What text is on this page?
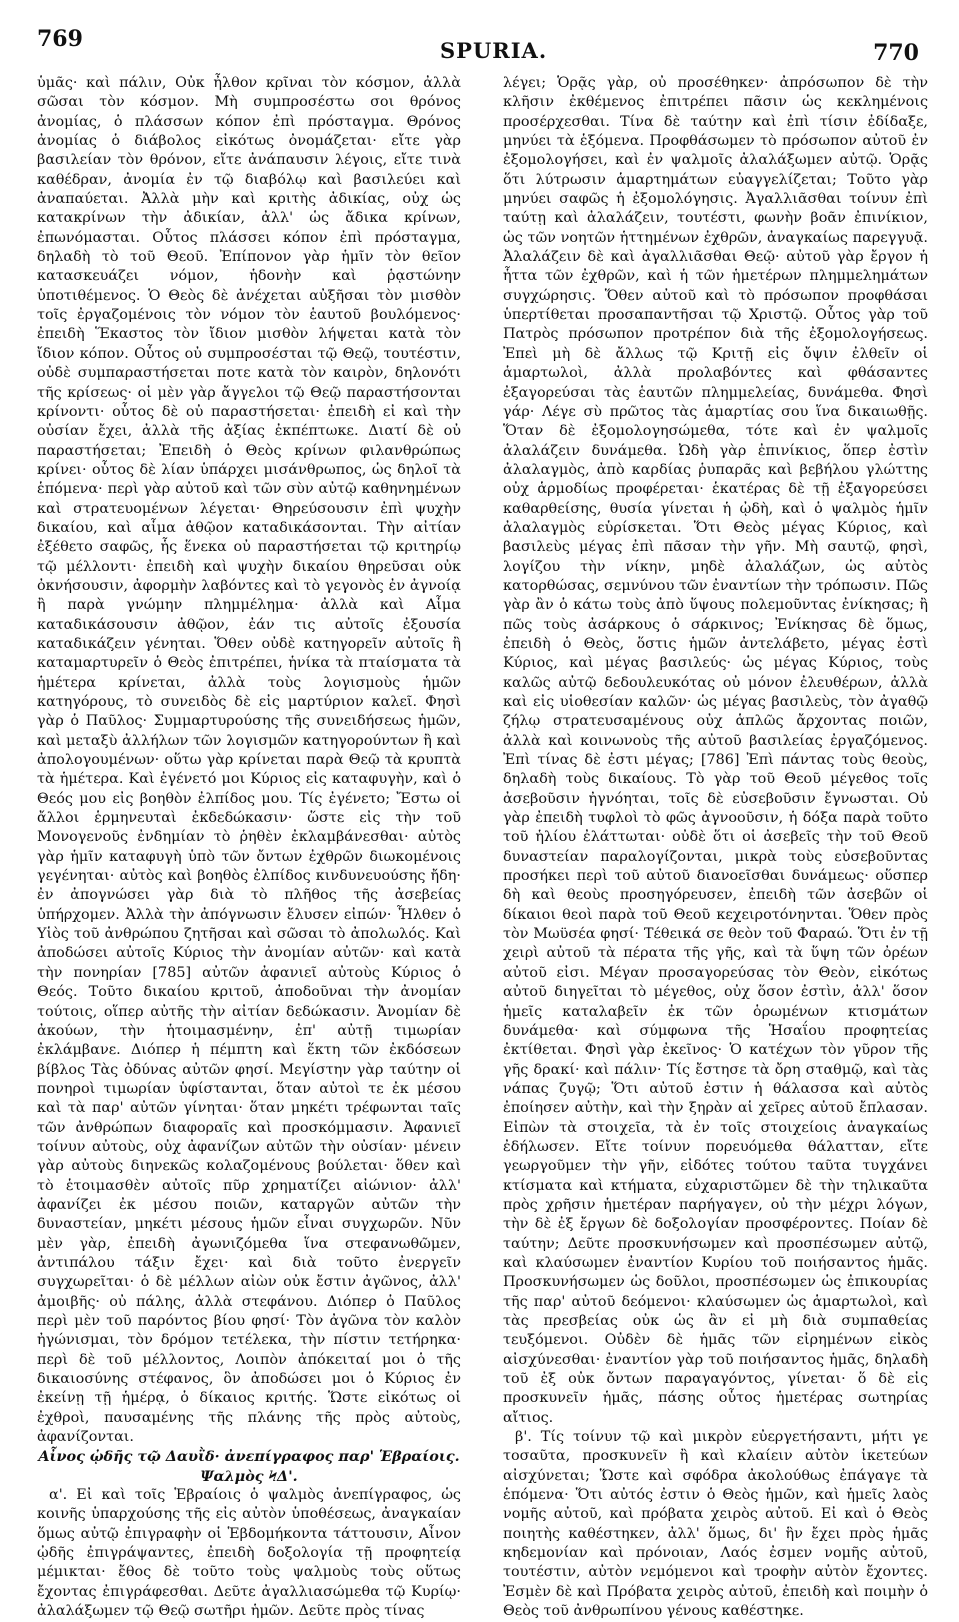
769	SPURIA.	770

ὑμᾶς· καὶ πάλιν, Οὐκ ἦλθον κρῖναι τὸν κόσμον, ἀλλὰ σῶσαι τὸν κόσμον. Μὴ συμπροσέστω σοι θρόνος ἀνομίας, ὁ πλάσσων κόπον ἐπὶ πρόσταγμα. Θρόνος ἀνομίας ὁ διάβολος εἰκότως ὀνομάζεται· εἴτε γὰρ βασιλείαν τὸν θρόνον, εἴτε ἀνάπαυσιν λέγοις, εἴτε τινὰ καθέδραν, ἀνομία ἐν τῷ διαβόλῳ καὶ βασιλεύει καὶ ἀναπαύεται. Ἀλλὰ μὴν καὶ κριτὴς ἀδικίας, οὐχ ὡς κατακρίνων τὴν ἀδικίαν, ἀλλ' ὡς ἄδικα κρίνων, ἐπωνόμασται. Οὗτος πλάσσει κόπον ἐπὶ πρόσταγμα, δηλαδὴ τὸ τοῦ Θεοῦ. Ἐπίπονον γὰρ ἡμῖν τὸν θεῖον κατασκευάζει νόμον, ἡδονὴν καὶ ῥᾳστώνην ὑποτιθέμενος. Ὁ Θεὸς δὲ ἀνέχεται αὐξῆσαι τὸν μισθὸν τοῖς ἐργαζομένοις τὸν νόμον τὸν ἑαυτοῦ βουλόμενος· ἐπειδὴ Ἕκαστος τὸν ἴδιον μισθὸν λήψεται κατὰ τὸν ἴδιον κόπον. Οὗτος οὐ συμπροσέσται τῷ Θεῷ, τουτέστιν, οὐδὲ συμπαραστήσεται ποτε κατὰ τὸν καιρὸν, δηλονότι τῆς κρίσεως· οἱ μὲν γὰρ ἄγγελοι τῷ Θεῷ παραστήσονται κρίνοντι· οὗτος δὲ οὐ παραστήσεται· ἐπειδὴ εἰ καὶ τὴν οὐσίαν ἔχει, ἀλλὰ τῆς ἀξίας ἐκπέπτωκε. Διατί δὲ οὐ παραστήσεται; Ἐπειδὴ ὁ Θεὸς κρίνων φιλανθρώπως κρίνει· οὗτος δὲ λίαν ὑπάρχει μισάνθρωπος, ὡς δηλοῖ τὰ ἑπόμενα· περὶ γὰρ αὐτοῦ καὶ τῶν σὺν αὐτῷ καθηνημένων καὶ στρατευομένων λέγεται· Θηρεύσουσιν ἐπὶ ψυχὴν δικαίου, καὶ αἷμα ἀθῷον καταδικάσονται. Τὴν αἰτίαν ἐξέθετο σαφῶς, ἧς ἕνεκα οὐ παραστήσεται τῷ κριτηρίῳ τῷ μέλλοντι· ἐπειδὴ καὶ ψυχὴν δικαίου θηρεῦσαι οὐκ ὀκνήσουσιν, ἀφορμὴν λαβόντες καὶ τὸ γεγονὸς ἐν ἀγνοίᾳ ἢ παρὰ γνώμην πλημμέλημα· ἀλλὰ καὶ Αἷμα καταδικάσουσιν ἀθῷον, ἐάν τις αὐτοῖς ἐξουσία καταδικάζειν γένηται. Ὅθεν οὐδὲ κατηγορεῖν αὐτοῖς ἢ καταμαρτυρεῖν ὁ Θεὸς ἐπιτρέπει, ἡνίκα τὰ πταίσματα τὰ ἡμέτερα κρίνεται, ἀλλὰ τοὺς λογισμοὺς ἡμῶν κατηγόρους, τὸ συνειδὸς δὲ εἰς μαρτύριον καλεῖ. Φησὶ γὰρ ὁ Παῦλος· Συμμαρτυρούσης τῆς συνειδήσεως ἡμῶν, καὶ μεταξὺ ἀλλήλων τῶν λογισμῶν κατηγορούντων ἢ καὶ ἀπολογουμένων· οὕτω γὰρ κρίνεται παρὰ Θεῷ τὰ κρυπτὰ τὰ ἡμέτερα. Καὶ ἐγένετό μοι Κύριος εἰς καταφυγὴν, καὶ ὁ Θεός μου εἰς βοηθὸν ἐλπίδος μου. Τίς ἐγένετο; Ἔστω οἱ ἄλλοι ἑρμηνευταὶ ἐκδεδώκασιν· ὥστε εἰς τὴν τοῦ Μονογενοῦς ἐνδημίαν τὸ ῥηθὲν ἐκλαμβάνεσθαι· αὐτὸς γὰρ ἡμῖν καταφυγὴ ὑπὸ τῶν ὄντων ἐχθρῶν διωκομένοις γεγένηται· αὐτὸς καὶ βοηθὸς ἐλπίδος κινδυνευούσης ἤδη· ἐν ἀπογνώσει γὰρ διὰ τὸ πλῆθος τῆς ἀσεβείας ὑπήρχομεν. Ἀλλὰ τὴν ἀπόγνωσιν ἔλυσεν εἰπών· Ἦλθεν ὁ Υἱὸς τοῦ ἀνθρώπου ζητῆσαι καὶ σῶσαι τὸ ἀπολωλός. Καὶ ἀποδώσει αὐτοῖς Κύριος τὴν ἀνομίαν αὐτῶν· καὶ κατὰ τὴν πονηρίαν [785] αὐτῶν ἀφανιεῖ αὐτοὺς Κύριος ὁ Θεός. Τοῦτο δικαίου κριτοῦ, ἀποδοῦναι τὴν ἀνομίαν τούτοις, οἵπερ αὐτῆς τὴν αἰτίαν δεδώκασιν. Ἀνομίαν δὲ ἀκούων, τὴν ἡτοιμασμένην, ἐπ' αὐτῇ τιμωρίαν ἐκλάμβανε. Διόπερ ἡ πέμπτη καὶ ἕκτη τῶν ἐκδόσεων βίβλος Τὰς ὀδύνας αὐτῶν φησί. Μεγίστην γὰρ ταύτην οἱ πονηροὶ τιμωρίαν ὑφίστανται, ὅταν αὐτοὶ τε ἐκ μέσου καὶ τὰ παρ' αὐτῶν γίνηται· ὅταν μηκέτι τρέφωνται ταῖς τῶν ἀνθρώπων διαφοραῖς καὶ προσκόμμασιν. Ἀφανιεῖ τοίνυν αὐτοὺς, οὐχ ἀφανίζων αὐτῶν τὴν οὐσίαν· μένειν γὰρ αὐτοὺς διηνεκῶς κολαζομένους βούλεται· ὅθεν καὶ τὸ ἑτοιμασθὲν αὐτοῖς πῦρ χρηματίζει αἰώνιον· ἀλλ' ἀφανίζει ἐκ μέσου ποιῶν, καταργῶν αὐτῶν τὴν δυναστείαν, μηκέτι μέσους ἡμῶν εἶναι συγχωρῶν. Νῦν μὲν γὰρ, ἐπειδὴ ἀγωνιζόμεθα ἵνα στεφανωθῶμεν, ἀντιπάλου τάξιν ἔχει· καὶ διὰ τοῦτο ἐνεργεῖν συγχωρεῖται· ὁ δὲ μέλλων αἰὼν οὐκ ἔστιν ἀγῶνος, ἀλλ' ἀμοιβῆς· οὐ πάλης, ἀλλὰ στεφάνου. Διόπερ ὁ Παῦλος περὶ μὲν τοῦ παρόντος βίου φησί· Τὸν ἀγῶνα τὸν καλὸν ἠγώνισμαι, τὸν δρόμον τετέλεκα, τὴν πίστιν τετήρηκα· περὶ δὲ τοῦ μέλλοντος, Λοιπὸν ἀπόκειταί μοι ὁ τῆς δικαιοσύνης στέφανος, ὃν ἀποδώσει μοι ὁ Κύριος ἐν ἐκείνῃ τῇ ἡμέρᾳ, ὁ δίκαιος κριτής. Ὥστε εἰκότως οἱ ἐχθροὶ, παυσαμένης τῆς πλάνης τῆς πρὸς αὐτοὺς, ἀφανίζονται.

Αἶνος ᾠδῆς τῷ Δαυῒδ· ἀνεπίγραφος παρ' Ἑβραίοις.

Ψαλμὸς ϞΔ'.

α'. Εἰ καὶ τοῖς Ἑβραίοις ὁ ψαλμὸς ἀνεπίγραφος, ὡς κοινῆς ὑπαρχούσης τῆς εἰς αὐτὸν ὑποθέσεως, ἀναγκαίαν ὅμως αὐτῷ ἐπιγραφὴν οἱ Ἑβδομήκοντα τάττουσιν, Αἶνον ᾠδῆς ἐπιγράψαντες, ἐπειδὴ δοξολογία τῇ προφητείᾳ μέμικται· ἔθος δὲ τοῦτο τοὺς ψαλμοὺς τοὺς οὕτως ἔχοντας ἐπιγράφεσθαι. Δεῦτε ἀγαλλιασώμεθα τῷ Κυρίῳ· ἀλαλάξωμεν τῷ Θεῷ σωτῆρι ἡμῶν. Δεῦτε πρὸς τίνας

λέγει; Ὁρᾷς γὰρ, οὐ προσέθηκεν· ἀπρόσωπον δὲ τὴν κλῆσιν ἐκθέμενος ἐπιτρέπει πᾶσιν ὡς κεκλημένοις προσέρχεσθαι. Τίνα δὲ ταύτην καὶ ἐπὶ τίσιν ἐδίδαξε, μηνύει τὰ ἑξόμενα. Προφθάσωμεν τὸ πρόσωπον αὐτοῦ ἐν ἐξομολογήσει, καὶ ἐν ψαλμοῖς ἀλαλάξωμεν αὐτῷ. Ὁρᾷς ὅτι λύτρωσιν ἁμαρτημάτων εὐαγγελίζεται; Τοῦτο γὰρ μηνύει σαφῶς ἡ ἐξομολόγησις. Ἀγαλλιᾶσθαι τοίνυν ἐπὶ ταύτῃ καὶ ἀλαλάζειν, τουτέστι, φωνὴν βοᾶν ἐπινίκιον, ὡς τῶν νοητῶν ἡττημένων ἐχθρῶν, ἀναγκαίως παρεγγυᾷ. Ἀλαλάζειν δὲ καὶ ἀγαλλιᾶσθαι Θεῷ· αὐτοῦ γὰρ ἔργον ἡ ἧττα τῶν ἐχθρῶν, καὶ ἡ τῶν ἡμετέρων πλημμελημάτων συγχώρησις. Ὅθεν αὐτοῦ καὶ τὸ πρόσωπον προφθάσαι ὑπερτίθεται προσαπαντῆσαι τῷ Χριστῷ. Οὗτος γὰρ τοῦ Πατρὸς πρόσωπον προτρέπον διὰ τῆς ἐξομολογήσεως. Ἐπεὶ μὴ δὲ ἄλλως τῷ Κριτῇ εἰς ὄψιν ἐλθεῖν οἱ ἁμαρτωλοὶ, ἀλλὰ προλαβόντες καὶ φθάσαντες ἐξαγορεύσαι τὰς ἑαυτῶν πλημμελείας, δυνάμεθα. Φησὶ γάρ· Λέγε σὺ πρῶτος τὰς ἁμαρτίας σου ἵνα δικαιωθῇς. Ὅταν δὲ ἐξομολογησώμεθα, τότε καὶ ἐν ψαλμοῖς ἀλαλάζειν δυνάμεθα. Ὠδὴ γὰρ ἐπινίκιος, ὅπερ ἐστὶν ἀλαλαγμὸς, ἀπὸ καρδίας ῥυπαρᾶς καὶ βεβήλου γλώττης οὐχ ἁρμοδίως προφέρεται· ἑκατέρας δὲ τῇ ἐξαγορεύσει καθαρθείσης, θυσία γίνεται ἡ ᾠδὴ, καὶ ὁ ψαλμὸς ἡμῖν ἀλαλαγμὸς εὑρίσκεται. Ὅτι Θεὸς μέγας Κύριος, καὶ βασιλεὺς μέγας ἐπὶ πᾶσαν τὴν γῆν. Μὴ σαυτῷ, φησὶ, λογίζου τὴν νίκην, μηδὲ ἀλαλάζων, ὡς αὐτὸς κατορθώσας, σεμνύνου τῶν ἐναντίων τὴν τρόπωσιν. Πῶς γὰρ ἂν ὁ κάτω τοὺς ἀπὸ ὕψους πολεμοῦντας ἐνίκησας; ἢ πῶς τοὺς ἀσάρκους ὁ σάρκινος; Ἐνίκησας δὲ ὅμως, ἐπειδὴ ὁ Θεὸς, ὅστις ἡμῶν ἀντελάβετο, μέγας ἐστὶ Κύριος, καὶ μέγας βασιλεύς· ὡς μέγας Κύριος, τοὺς καλῶς αὐτῷ δεδουλευκότας οὐ μόνον ἐλευθέρων, ἀλλὰ καὶ εἰς υἱοθεσίαν καλῶν· ὡς μέγας βασιλεὺς, τὸν ἀγαθῷ ζήλῳ στρατευσαμένους οὐχ ἁπλῶς ἄρχοντας ποιῶν, ἀλλὰ καὶ κοινωνοὺς τῆς αὐτοῦ βασιλείας ἐργαζόμενος. Ἐπὶ τίνας δὲ ἐστι μέγας; [786] Ἐπὶ πάντας τοὺς θεοὺς, δηλαδὴ τοὺς δικαίους. Τὸ γὰρ τοῦ Θεοῦ μέγεθος τοῖς ἀσεβοῦσιν ἠγνόηται, τοῖς δὲ εὐσεβοῦσιν ἔγνωσται. Οὐ γὰρ ἐπειδὴ τυφλοὶ τὸ φῶς ἀγνοοῦσιν, ἡ δόξα παρὰ τοῦτο τοῦ ἡλίου ἐλάττωται· οὐδὲ ὅτι οἱ ἀσεβεῖς τὴν τοῦ Θεοῦ δυναστείαν παραλογίζονται, μικρὰ τοὺς εὐσεβοῦντας προσήκει περὶ τοῦ αὐτοῦ διανοεῖσθαι δυνάμεως· οὕσπερ δὴ καὶ θεοὺς προσηγόρευσεν, ἐπειδὴ τῶν ἀσεβῶν οἱ δίκαιοι θεοὶ παρὰ τοῦ Θεοῦ κεχειροτόνηνται. Ὅθεν πρὸς τὸν Μωϋσέα φησί· Τέθεικά σε θεὸν τοῦ Φαραώ. Ὅτι ἐν τῇ χειρὶ αὐτοῦ τὰ πέρατα τῆς γῆς, καὶ τὰ ὕψη τῶν ὀρέων αὐτοῦ εἰσι. Μέγαν προσαγορεύσας τὸν Θεὸν, εἰκότως αὐτοῦ διηγεῖται τὸ μέγεθος, οὐχ ὅσον ἐστὶν, ἀλλ' ὅσον ἡμεῖς καταλαβεῖν ἐκ τῶν ὁρωμένων κτισμάτων δυνάμεθα· καὶ σύμφωνα τῆς Ἡσαΐου προφητείας ἐκτίθεται. Φησὶ γὰρ ἐκεῖνος· Ὁ κατέχων τὸν γῦρον τῆς γῆς δρακί· καὶ πάλιν· Τίς ἔστησε τὰ ὄρη σταθμῷ, καὶ τὰς νάπας ζυγῷ; Ὅτι αὐτοῦ ἐστιν ἡ θάλασσα καὶ αὐτὸς ἐποίησεν αὐτὴν, καὶ τὴν ξηρὰν αἱ χεῖρες αὐτοῦ ἔπλασαν. Εἰπὼν τὰ στοιχεῖα, τὰ ἐν τοῖς στοιχείοις ἀναγκαίως ἐδήλωσεν. Εἴτε τοίνυν πορευόμεθα θάλατταν, εἴτε γεωργοῦμεν τὴν γῆν, εἰδότες τούτου ταῦτα τυγχάνει κτίσματα καὶ κτήματα, εὐχαριστῶμεν δὲ τὴν τηλικαῦτα πρὸς χρῆσιν ἡμετέραν παρήγαγεν, οὐ τὴν μέχρι λόγων, τὴν δὲ ἐξ ἔργων δὲ δοξολογίαν προσφέροντες. Ποίαν δὲ ταύτην; Δεῦτε προσκυνήσωμεν καὶ προσπέσωμεν αὐτῷ, καὶ κλαύσωμεν ἐναντίον Κυρίου τοῦ ποιήσαντος ἡμᾶς. Προσκυνήσωμεν ὡς δοῦλοι, προσπέσωμεν ὡς ἐπικουρίας τῆς παρ' αὐτοῦ δεόμενοι· κλαύσωμεν ὡς ἁμαρτωλοὶ, καὶ τὰς πρεσβείας οὐκ ὡς ἂν εἰ μὴ διὰ συμπαθείας τευξόμενοι. Οὐδὲν δὲ ἡμᾶς τῶν εἰρημένων εἰκὸς αἰσχύνεσθαι· ἐναντίον γὰρ τοῦ ποιήσαντος ἡμᾶς, δηλαδὴ τοῦ ἐξ οὐκ ὄντων παραγαγόντος, γίνεται· ὅ δὲ εἰς προσκυνεῖν ἡμᾶς, πάσης οὗτος ἡμετέρας σωτηρίας αἴτιος.

β'. Τίς τοίνυν τῷ καὶ μικρὸν εὐεργετήσαντι, μήτι γε τοσαῦτα, προσκυνεῖν ἢ καὶ κλαίειν αὐτὸν ἱκετεύων αἰσχύνεται; Ὥστε καὶ σφόδρα ἀκολούθως ἐπάγαγε τὰ ἑπόμενα· Ὅτι αὐτός ἐστιν ὁ Θεὸς ἡμῶν, καὶ ἡμεῖς λαὸς νομῆς αὐτοῦ, καὶ πρόβατα χειρὸς αὐτοῦ. Εἰ καὶ ὁ Θεὸς ποιητὴς καθέστηκεν, ἀλλ' ὅμως, δι' ἣν ἔχει πρὸς ἡμᾶς κηδεμονίαν καὶ πρόνοιαν, Λαός ἐσμεν νομῆς αὐτοῦ, τουτέστιν, αὐτὸν νεμόμενοι καὶ τροφὴν αὐτὸν ἔχοντες. Ἐσμὲν δὲ καὶ Πρόβατα χειρὸς αὐτοῦ, ἐπειδὴ καὶ ποιμὴν ὁ Θεὸς τοῦ ἀνθρωπίνου γένους καθέστηκε.
